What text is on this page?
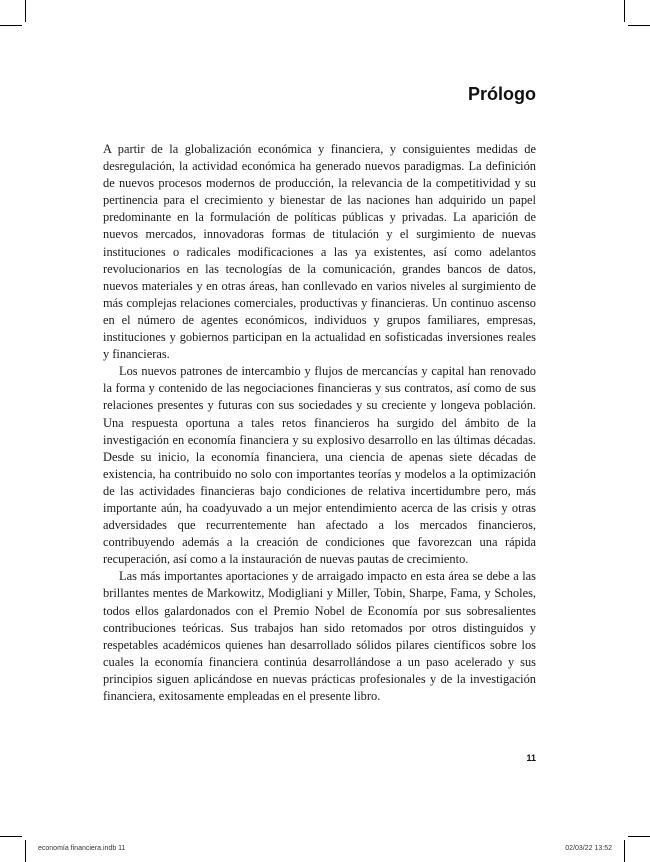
Prólogo

A partir de la globalización económica y financiera, y consiguientes medidas de desregulación, la actividad económica ha generado nuevos paradigmas. La definición de nuevos procesos modernos de producción, la relevancia de la competitividad y su pertinencia para el crecimiento y bienestar de las naciones han adquirido un papel predominante en la formulación de políticas públicas y privadas. La aparición de nuevos mercados, innovadoras formas de titulación y el surgimiento de nuevas instituciones o radicales modificaciones a las ya existentes, así como adelantos revolucionarios en las tecnologías de la comunicación, grandes bancos de datos, nuevos materiales y en otras áreas, han conllevado en varios niveles al surgimiento de más complejas relaciones comerciales, productivas y financieras. Un continuo ascenso en el número de agentes económicos, individuos y grupos familiares, empresas, instituciones y gobiernos participan en la actualidad en sofisticadas inversiones reales y financieras.

Los nuevos patrones de intercambio y flujos de mercancías y capital han renovado la forma y contenido de las negociaciones financieras y sus contratos, así como de sus relaciones presentes y futuras con sus sociedades y su creciente y longeva población. Una respuesta oportuna a tales retos financieros ha surgido del ámbito de la investigación en economía financiera y su explosivo desarrollo en las últimas décadas. Desde su inicio, la economía financiera, una ciencia de apenas siete décadas de existencia, ha contribuido no solo con importantes teorías y modelos a la optimización de las actividades financieras bajo condiciones de relativa incertidumbre pero, más importante aún, ha coadyuvado a un mejor entendimiento acerca de las crisis y otras adversidades que recurrentemente han afectado a los mercados financieros, contribuyendo además a la creación de condiciones que favorezcan una rápida recuperación, así como a la instauración de nuevas pautas de crecimiento.

Las más importantes aportaciones y de arraigado impacto en esta área se debe a las brillantes mentes de Markowitz, Modigliani y Miller, Tobin, Sharpe, Fama, y Scholes, todos ellos galardonados con el Premio Nobel de Economía por sus sobresalientes contribuciones teóricas. Sus trabajos han sido retomados por otros distinguidos y respetables académicos quienes han desarrollado sólidos pilares científicos sobre los cuales la economía financiera continúa desarrollándose a un paso acelerado y sus principios siguen aplicándose en nuevas prácticas profesionales y de la investigación financiera, exitosamente empleadas en el presente libro.

11
economía financiera.indb 11	02/03/22 13:52
